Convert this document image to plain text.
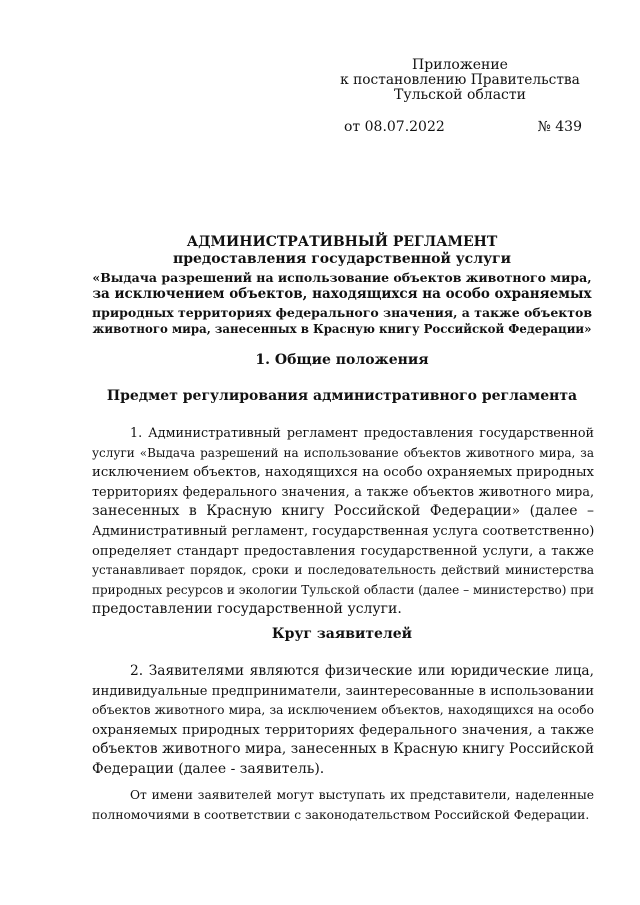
Приложение
к постановлению Правительства
Тульской области
от 08.07.2022	№ 439
АДМИНИСТРАТИВНЫЙ РЕГЛАМЕНТ
предоставления государственной услуги
«Выдача разрешений на использование объектов животного мира,
за исключением объектов, находящихся на особо охраняемых
природных территориях федерального значения, а также объектов
животного мира, занесенных в Красную книгу Российской Федерации»
1. Общие положения
Предмет регулирования административного регламента
1. Административный регламент предоставления государственной
услуги «Выдача разрешений на использование объектов животного мира, за
исключением объектов, находящихся на особо охраняемых природных
территориях федерального значения, а также объектов животного мира,
занесенных в Красную книгу Российской Федерации» (далее –
Административный регламент, государственная услуга соответственно)
определяет стандарт предоставления государственной услуги, а также
устанавливает порядок, сроки и последовательность действий министерства
природных ресурсов и экологии Тульской области (далее – министерство) при
предоставлении государственной услуги.
Круг заявителей
2. Заявителями являются физические или юридические лица,
индивидуальные предприниматели, заинтересованные в использовании
объектов животного мира, за исключением объектов, находящихся на особо
охраняемых природных территориях федерального значения, а также
объектов животного мира, занесенных в Красную книгу Российской
Федерации (далее - заявитель).
От имени заявителей могут выступать их представители, наделенные
полномочиями в соответствии с законодательством Российской Федерации.
